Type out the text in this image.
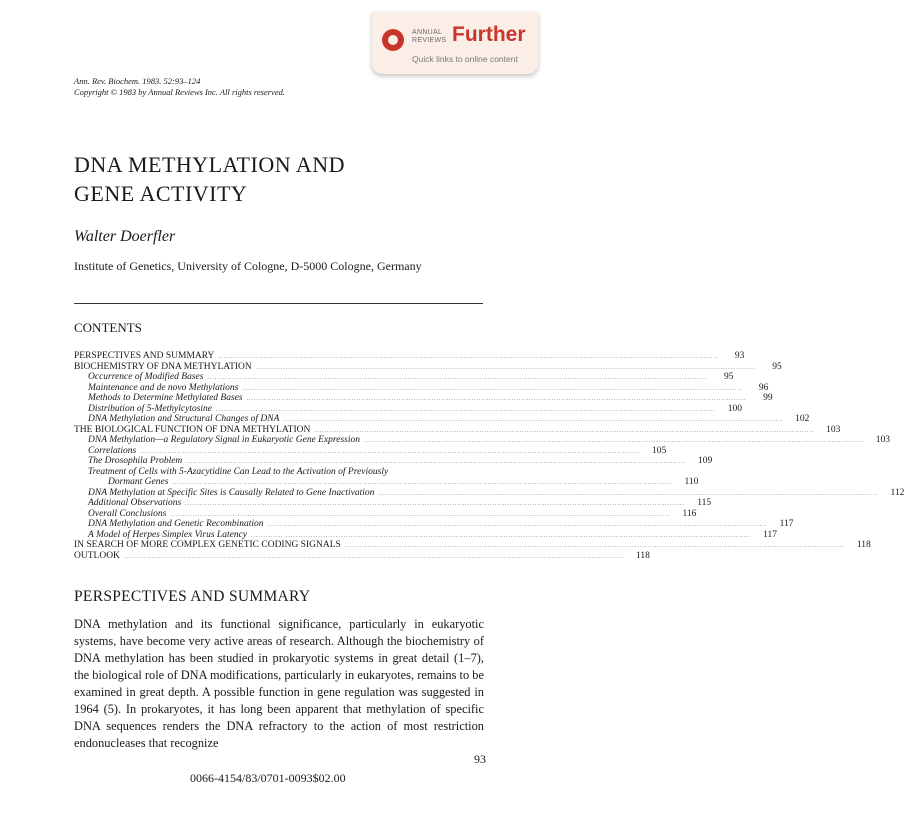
ANNUAL REVIEWS Further
Quick links to online content
Ann. Rev. Biochem. 1983. 52:93–124
Copyright © 1983 by Annual Reviews Inc. All rights reserved.
DNA METHYLATION AND
GENE ACTIVITY
Walter Doerfler
Institute of Genetics, University of Cologne, D-5000 Cologne, Germany
CONTENTS
PERSPECTIVES AND SUMMARY ........................................................................................................................................................................................................	93
BIOCHEMISTRY OF DNA METHYLATION ........................................................................................................................................................................................................	95
Occurrence of Modified Bases ........................................................................................................................................................................................................	95
Maintenance and de novo Methylations ........................................................................................................................................................................................................	96
Methods to Determine Methylated Bases ........................................................................................................................................................................................................	99
Distribution of 5-Methylcytosine ........................................................................................................................................................................................................	100
DNA Methylation and Structural Changes of DNA ........................................................................................................................................................................................................	102
THE BIOLOGICAL FUNCTION OF DNA METHYLATION ........................................................................................................................................................................................................	103
DNA Methylation—a Regulatory Signal in Eukaryotic Gene Expression ........................................................................................................................................................................................................	103
Correlations ........................................................................................................................................................................................................	105
The Drosophila Problem ........................................................................................................................................................................................................	109
Treatment of Cells with 5-Azacytidine Can Lead to the Activation of Previously
Dormant Genes ........................................................................................................................................................................................................	110
DNA Methylation at Specific Sites is Causally Related to Gene Inactivation ........................................................................................................................................................................................................	112
Additional Observations ........................................................................................................................................................................................................	115
Overall Conclusions ........................................................................................................................................................................................................	116
DNA Methylation and Genetic Recombination ........................................................................................................................................................................................................	117
A Model of Herpes Simplex Virus Latency ........................................................................................................................................................................................................	117
IN SEARCH OF MORE COMPLEX GENETIC CODING SIGNALS ........................................................................................................................................................................................................	118
OUTLOOK ........................................................................................................................................................................................................	118
PERSPECTIVES AND SUMMARY
DNA methylation and its functional significance, particularly in eukaryotic systems, have become very active areas of research. Although the biochemistry of DNA methylation has been studied in prokaryotic systems in great detail (1–7), the biological role of DNA modifications, particularly in eukaryotes, remains to be examined in great depth. A possible function in gene regulation was suggested in 1964 (5). In prokaryotes, it has long been apparent that methylation of specific DNA sequences renders the DNA refractory to the action of most restriction endonucleases that recognize
93
0066-4154/83/0701-0093$02.00
